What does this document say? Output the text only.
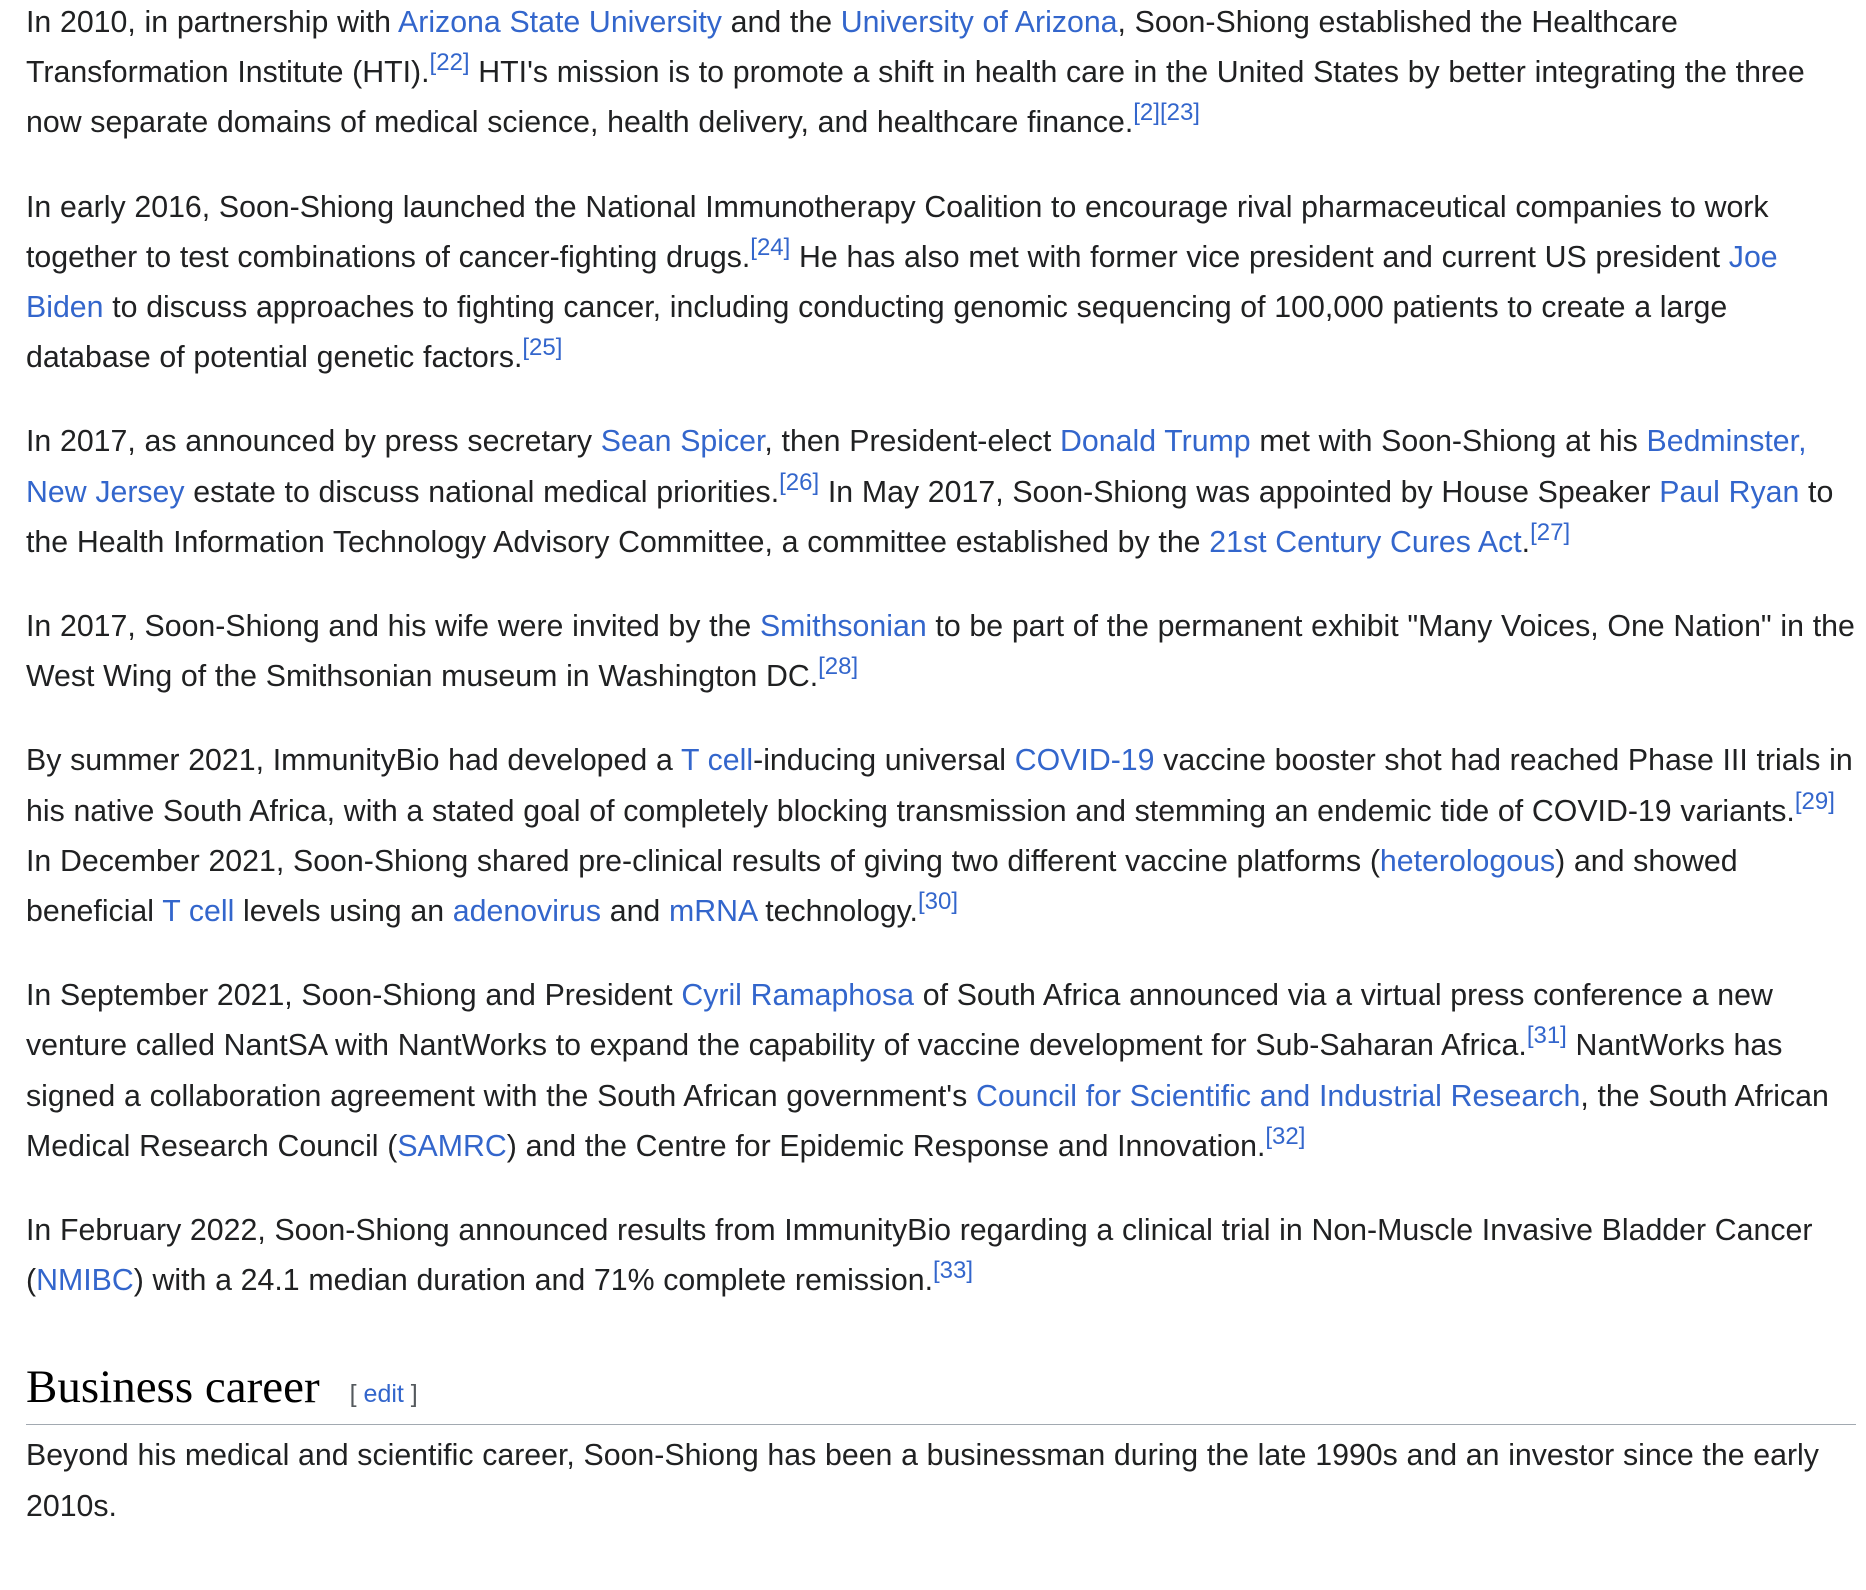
In 2010, in partnership with Arizona State University and the University of Arizona, Soon-Shiong established the Healthcare Transformation Institute (HTI).[22] HTI's mission is to promote a shift in health care in the United States by better integrating the three now separate domains of medical science, health delivery, and healthcare finance.[2][23]

In early 2016, Soon-Shiong launched the National Immunotherapy Coalition to encourage rival pharmaceutical companies to work together to test combinations of cancer-fighting drugs.[24] He has also met with former vice president and current US president Joe Biden to discuss approaches to fighting cancer, including conducting genomic sequencing of 100,000 patients to create a large database of potential genetic factors.[25]

In 2017, as announced by press secretary Sean Spicer, then President-elect Donald Trump met with Soon-Shiong at his Bedminster, New Jersey estate to discuss national medical priorities.[26] In May 2017, Soon-Shiong was appointed by House Speaker Paul Ryan to the Health Information Technology Advisory Committee, a committee established by the 21st Century Cures Act.[27]

In 2017, Soon-Shiong and his wife were invited by the Smithsonian to be part of the permanent exhibit "Many Voices, One Nation" in the West Wing of the Smithsonian museum in Washington DC.[28]

By summer 2021, ImmunityBio had developed a T cell-inducing universal COVID-19 vaccine booster shot had reached Phase III trials in his native South Africa, with a stated goal of completely blocking transmission and stemming an endemic tide of COVID-19 variants.[29] In December 2021, Soon-Shiong shared pre-clinical results of giving two different vaccine platforms (heterologous) and showed beneficial T cell levels using an adenovirus and mRNA technology.[30]

In September 2021, Soon-Shiong and President Cyril Ramaphosa of South Africa announced via a virtual press conference a new venture called NantSA with NantWorks to expand the capability of vaccine development for Sub-Saharan Africa.[31] NantWorks has signed a collaboration agreement with the South African government's Council for Scientific and Industrial Research, the South African Medical Research Council (SAMRC) and the Centre for Epidemic Response and Innovation.[32]

In February 2022, Soon-Shiong announced results from ImmunityBio regarding a clinical trial in Non-Muscle Invasive Bladder Cancer (NMIBC) with a 24.1 median duration and 71% complete remission.[33]

Business career [ edit ]

Beyond his medical and scientific career, Soon-Shiong has been a businessman during the late 1990s and an investor since the early 2010s.
